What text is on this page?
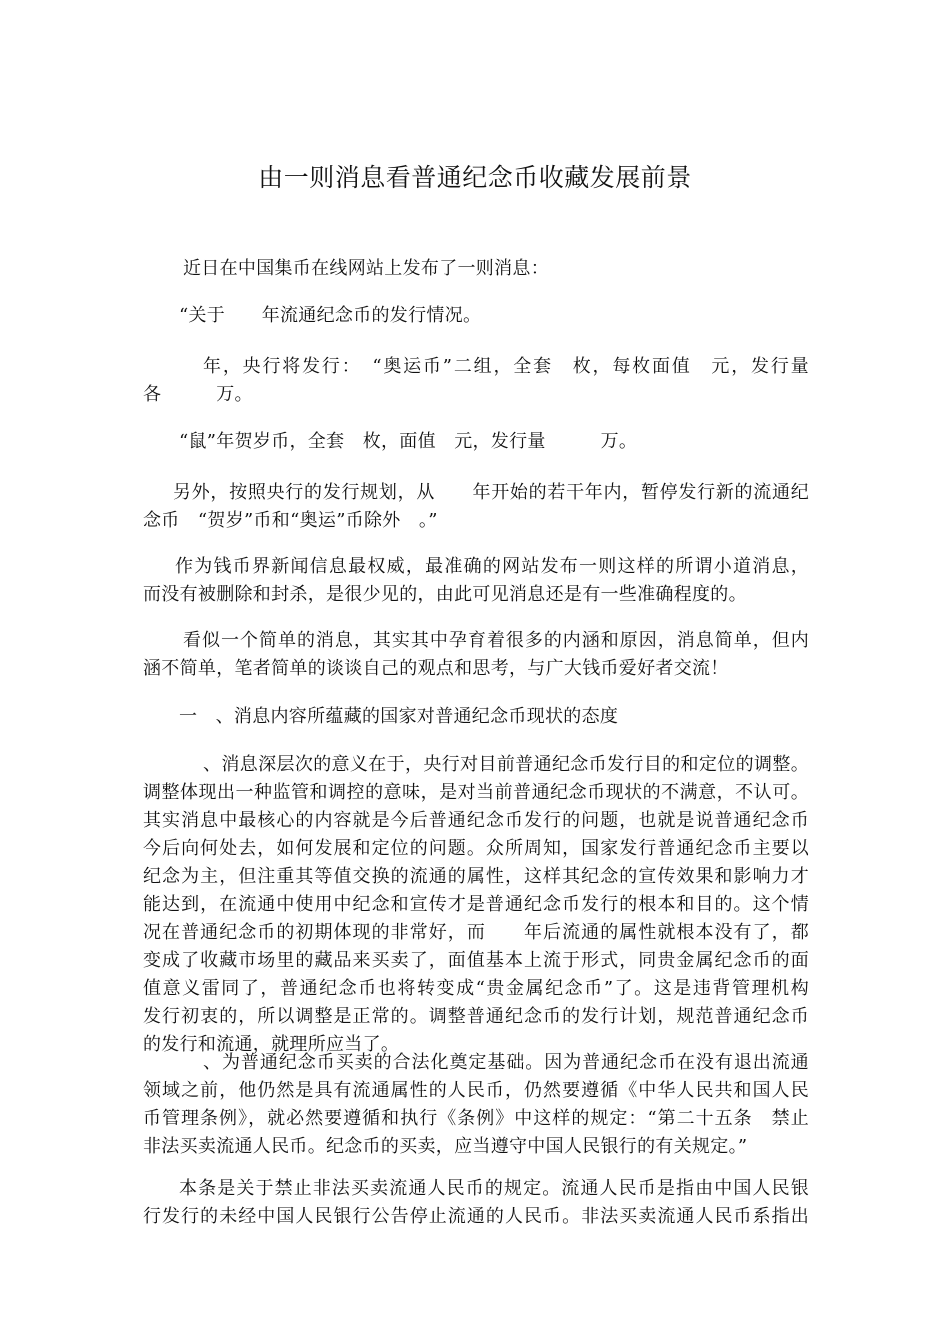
由一则消息看普通纪念币收藏发展前景
近日在中国集币在线网站上发布了一则消息：
“关于　　年流通纪念币的发行情况。
年，央行将发行：　“奥运币”二组，全套　枚，每枚面值　元，发行量
各　　　万。
“鼠”年贺岁币，全套　枚，面值　元，发行量　　　万。
另外，按照央行的发行规划，从　　年开始的若干年内，暂停发行新的流通纪
念币　“贺岁”币和“奥运”币除外　。”
作为钱币界新闻信息最权威，最准确的网站发布一则这样的所谓小道消息，
而没有被删除和封杀，是很少见的，由此可见消息还是有一些准确程度的。
看似一个简单的消息，其实其中孕育着很多的内涵和原因，消息简单，但内
涵不简单，笔者简单的谈谈自己的观点和思考，与广大钱币爱好者交流！
一　、消息内容所蕴藏的国家对普通纪念币现状的态度
、消息深层次的意义在于，央行对目前普通纪念币发行目的和定位的调整。
调整体现出一种监管和调控的意味，是对当前普通纪念币现状的不满意，不认可。
其实消息中最核心的内容就是今后普通纪念币发行的问题，也就是说普通纪念币
今后向何处去，如何发展和定位的问题。众所周知，国家发行普通纪念币主要以
纪念为主，但注重其等值交换的流通的属性，这样其纪念的宣传效果和影响力才
能达到，在流通中使用中纪念和宣传才是普通纪念币发行的根本和目的。这个情
况在普通纪念币的初期体现的非常好，而　　年后流通的属性就根本没有了，都
变成了收藏市场里的藏品来买卖了，面值基本上流于形式，同贵金属纪念币的面
值意义雷同了，普通纪念币也将转变成“贵金属纪念币”了。这是违背管理机构
发行初衷的，所以调整是正常的。调整普通纪念币的发行计划，规范普通纪念币
的发行和流通，就理所应当了。
、为普通纪念币买卖的合法化奠定基础。因为普通纪念币在没有退出流通
领域之前，他仍然是具有流通属性的人民币，仍然要遵循《中华人民共和国人民
币管理条例》，就必然要遵循和执行《条例》中这样的规定：“第二十五条　禁止
非法买卖流通人民币。纪念币的买卖，应当遵守中国人民银行的有关规定。”
本条是关于禁止非法买卖流通人民币的规定。流通人民币是指由中国人民银
行发行的未经中国人民银行公告停止流通的人民币。非法买卖流通人民币系指出
